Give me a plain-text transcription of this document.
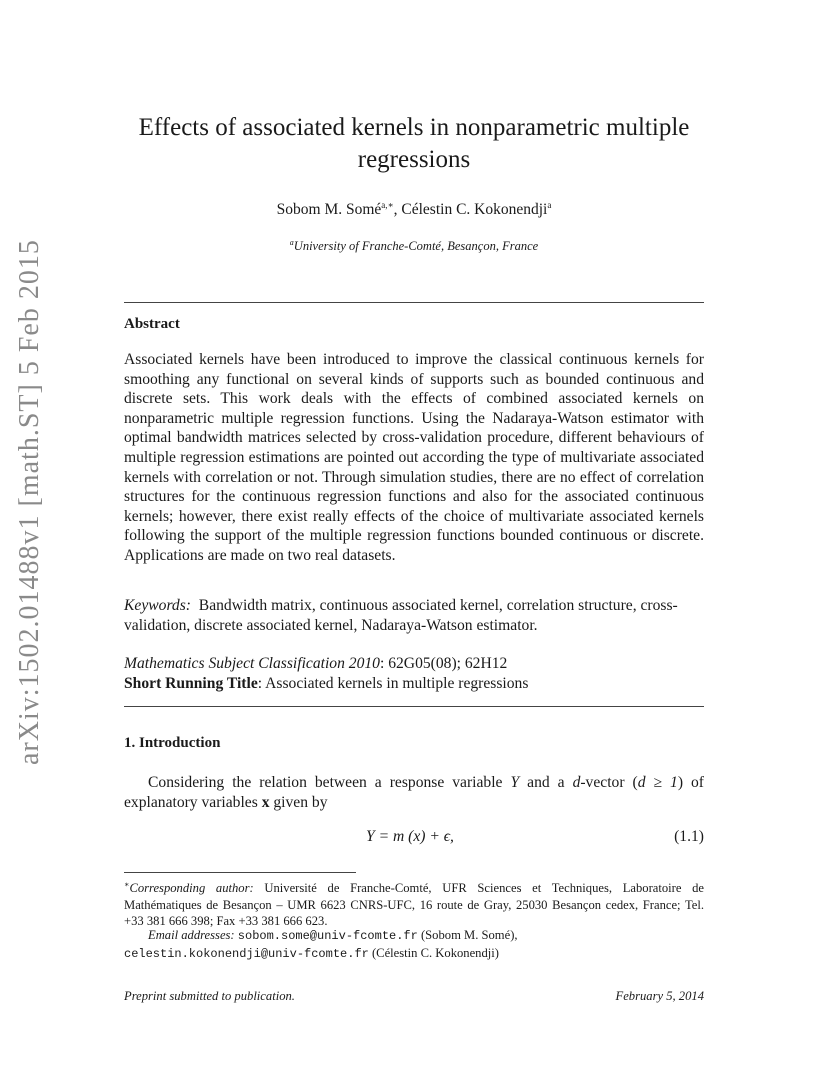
arXiv:1502.01488v1 [math.ST] 5 Feb 2015
Effects of associated kernels in nonparametric multiple regressions
Sobom M. Somé$^{a,∗}$, Célestin C. Kokonendji$^a$
$^a$University of Franche-Comté, Besançon, France
Abstract
Associated kernels have been introduced to improve the classical continuous kernels for smoothing any functional on several kinds of supports such as bounded continuous and discrete sets. This work deals with the effects of combined associated kernels on nonparametric multiple regression functions. Using the Nadaraya-Watson estimator with optimal bandwidth matrices selected by cross-validation procedure, different behaviours of multiple regression estimations are pointed out according the type of multivariate associated kernels with correlation or not. Through simulation studies, there are no effect of correlation structures for the continuous regression functions and also for the associated continuous kernels; however, there exist really effects of the choice of multivariate associated kernels following the support of the multiple regression functions bounded continuous or discrete. Applications are made on two real datasets.
Keywords: Bandwidth matrix, continuous associated kernel, correlation structure, cross-validation, discrete associated kernel, Nadaraya-Watson estimator.
Mathematics Subject Classification 2010: 62G05(08); 62H12
Short Running Title: Associated kernels in multiple regressions
1. Introduction
Considering the relation between a response variable Y and a d-vector (d ≥ 1) of explanatory variables x given by
Y = m (x) + ϵ,	(1.1)
∗Corresponding author: Université de Franche-Comté, UFR Sciences et Techniques, Laboratoire de Mathématiques de Besançon – UMR 6623 CNRS-UFC, 16 route de Gray, 25030 Besançon cedex, France; Tel. +33 381 666 398; Fax +33 381 666 623.
Email addresses: sobom.some@univ-fcomte.fr (Sobom M. Somé),
celestin.kokonendji@univ-fcomte.fr (Célestin C. Kokonendji)
Preprint submitted to publication.	February 5, 2014
